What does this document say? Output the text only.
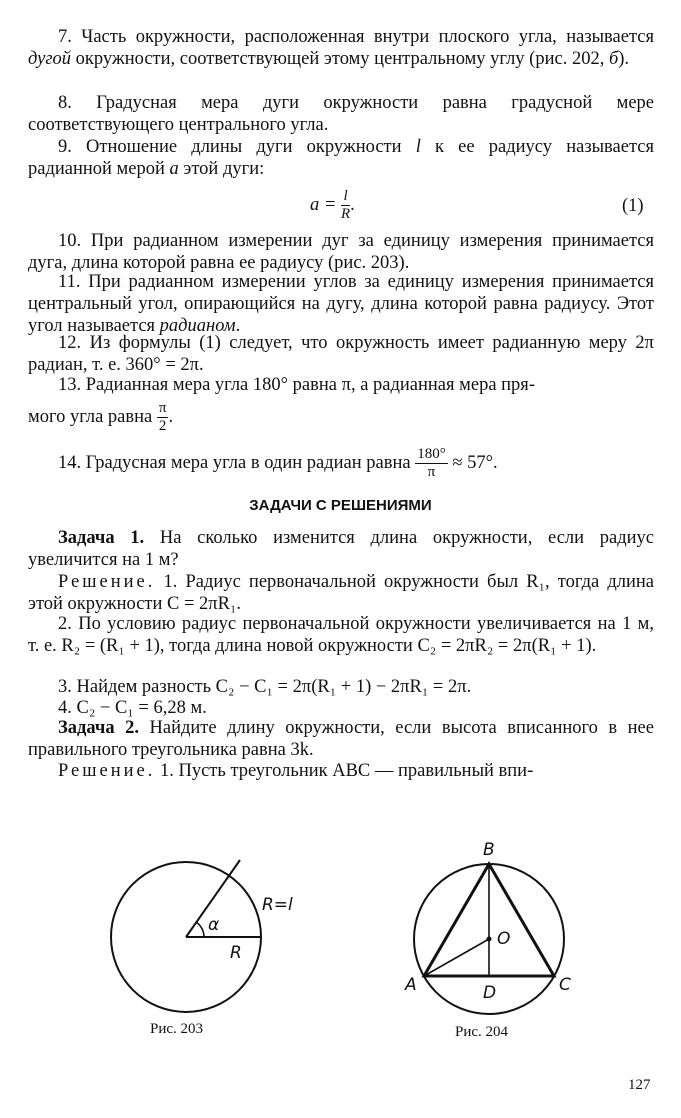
7. Часть окружности, расположенная внутри плоского угла, называется дугой окружности, соответствующей этому центральному углу (рис. 202, б).
8. Градусная мера дуги окружности равна градусной мере соответствующего центрального угла.
9. Отношение длины дуги окружности l к ее радиусу называется радианной мерой a этой дуги:
$a = \frac{l}{R}$ .	(1)
10. При радианном измерении дуг за единицу измерения принимается дуга, длина которой равна ее радиусу (рис. 203).
11. При радианном измерении углов за единицу измерения принимается центральный угол, опирающийся на дугу, длина которой равна радиусу. Этот угол называется радианом.
12. Из формулы (1) следует, что окружность имеет радианную меру 2π радиан, т. е. 360° = 2π.
13. Радианная мера угла 180° равна π, а радианная мера пря-
мого угла равна $\frac{\pi}{2}$ .
14. Градусная мера угла в один радиан равна $\frac{180^\circ}{\pi} \approx 57^\circ$.
ЗАДАЧИ С РЕШЕНИЯМИ
Задача 1. На сколько изменится длина окружности, если радиус увеличится на 1 м?
Решение. 1. Радиус первоначальной окружности был R₁, тогда длина этой окружности C = 2πR₁.
2. По условию радиус первоначальной окружности увеличивается на 1 м, т. е. R₂ = (R₁ + 1), тогда длина новой окружности C₂ = 2πR₂ = 2π(R₁ + 1).
3. Найдем разность C₂ − C₁ = 2π(R₁ + 1) − 2πR₁ = 2π.
4. C₂ − C₁ = 6,28 м.
Задача 2. Найдите длину окружности, если высота вписанного в нее правильного треугольника равна 3k.
Решение. 1. Пусть треугольник ABC — правильный впи-
α
R
R=l
Рис. 203
B
O
A	D	C
Рис. 204
127
